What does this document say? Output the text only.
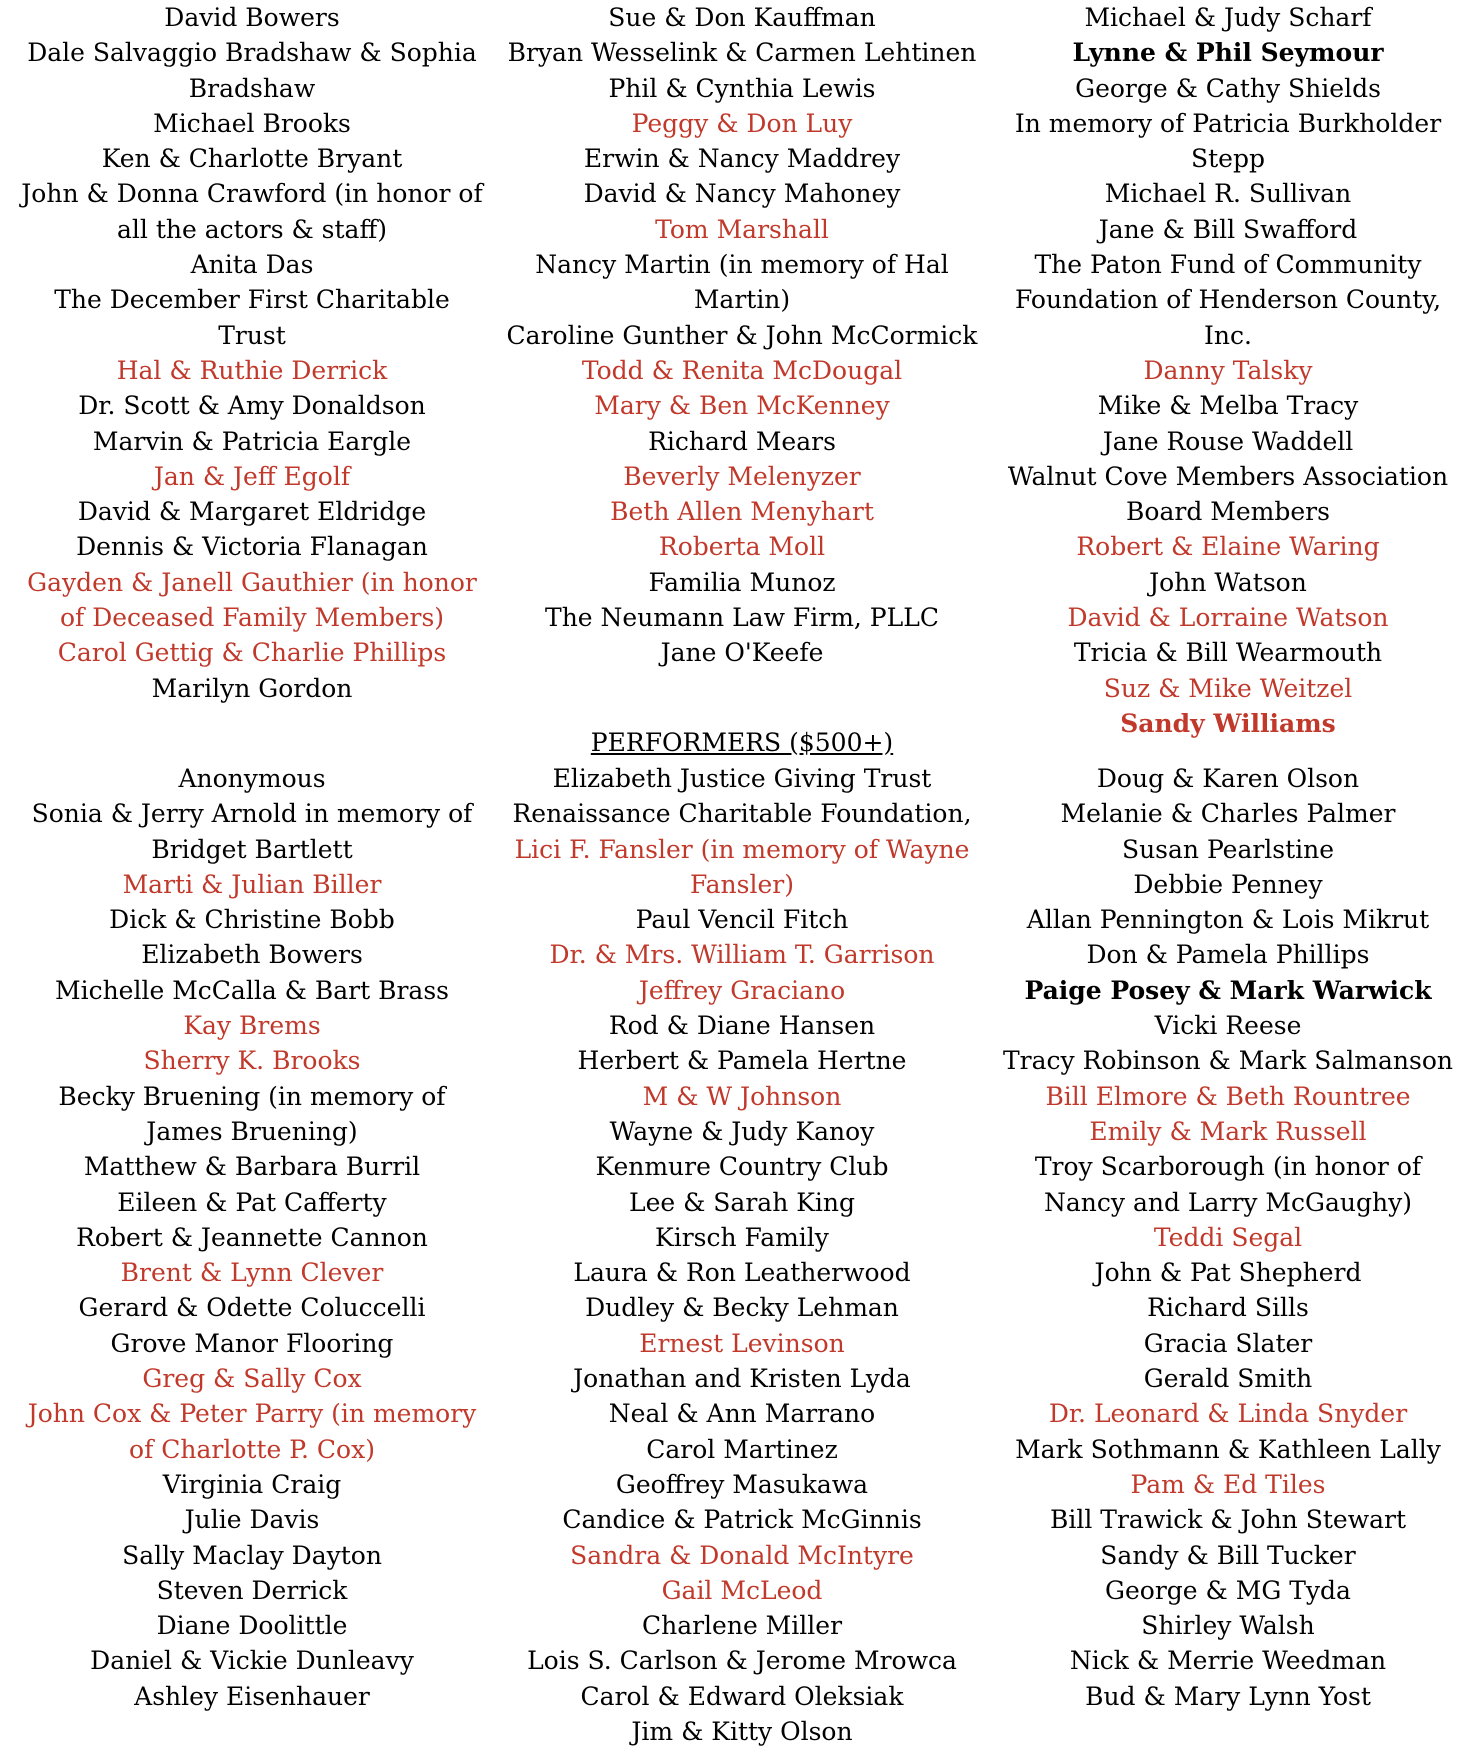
David Bowers
Dale Salvaggio Bradshaw & Sophia Bradshaw
Michael Brooks
Ken & Charlotte Bryant
John & Donna Crawford (in honor of all the actors & staff)
Anita Das
The December First Charitable Trust
Hal & Ruthie Derrick
Dr. Scott & Amy Donaldson
Marvin & Patricia Eargle
Jan & Jeff Egolf
David & Margaret Eldridge
Dennis & Victoria Flanagan
Gayden & Janell Gauthier (in honor of Deceased Family Members)
Carol Gettig & Charlie Phillips
Marilyn Gordon
Sue & Don Kauffman
Bryan Wesselink & Carmen Lehtinen
Phil & Cynthia Lewis
Peggy & Don Luy
Erwin & Nancy Maddrey
David & Nancy Mahoney
Tom Marshall
Nancy Martin (in memory of Hal Martin)
Caroline Gunther & John McCormick
Todd & Renita McDougal
Mary & Ben McKenney
Richard Mears
Beverly Melenyzer
Beth Allen Menyhart
Roberta Moll
Familia Munoz
The Neumann Law Firm, PLLC
Jane O'Keefe
Michael & Judy Scharf
Lynne & Phil Seymour
George & Cathy Shields
In memory of Patricia Burkholder Stepp
Michael R. Sullivan
Jane & Bill Swafford
The Paton Fund of Community Foundation of Henderson County, Inc.
Danny Talsky
Mike & Melba Tracy
Jane Rouse Waddell
Walnut Cove Members Association Board Members
Robert & Elaine Waring
John Watson
David & Lorraine Watson
Tricia & Bill Wearmouth
Suz & Mike Weitzel
Sandy Williams
PERFORMERS ($500+)
Anonymous
Sonia & Jerry Arnold in memory of Bridget Bartlett
Marti & Julian Biller
Dick & Christine Bobb
Elizabeth Bowers
Michelle McCalla & Bart Brass
Kay Brems
Sherry K. Brooks
Becky Bruening (in memory of James Bruening)
Matthew & Barbara Burril
Eileen & Pat Cafferty
Robert & Jeannette Cannon
Brent & Lynn Clever
Gerard & Odette Coluccelli
Grove Manor Flooring
Greg & Sally Cox
John Cox & Peter Parry (in memory of Charlotte P. Cox)
Virginia Craig
Julie Davis
Sally Maclay Dayton
Steven Derrick
Diane Doolittle
Daniel & Vickie Dunleavy
Ashley Eisenhauer
Elizabeth Justice Giving Trust
Renaissance Charitable Foundation,
Lici F. Fansler (in memory of Wayne Fansler)
Paul Vencil Fitch
Dr. & Mrs. William T. Garrison
Jeffrey Graciano
Rod & Diane Hansen
Herbert & Pamela Hertne
M & W Johnson
Wayne & Judy Kanoy
Kenmure Country Club
Lee & Sarah King
Kirsch Family
Laura & Ron Leatherwood
Dudley & Becky Lehman
Ernest Levinson
Jonathan and Kristen Lyda
Neal & Ann Marrano
Carol Martinez
Geoffrey Masukawa
Candice & Patrick McGinnis
Sandra & Donald McIntyre
Gail McLeod
Charlene Miller
Lois S. Carlson & Jerome Mrowca
Carol & Edward Oleksiak
Jim & Kitty Olson
Doug & Karen Olson
Melanie & Charles Palmer
Susan Pearlstine
Debbie Penney
Allan Pennington & Lois Mikrut
Don & Pamela Phillips
Paige Posey & Mark Warwick
Vicki Reese
Tracy Robinson & Mark Salmanson
Bill Elmore & Beth Rountree
Emily & Mark Russell
Troy Scarborough (in honor of Nancy and Larry McGaughy)
Teddi Segal
John & Pat Shepherd
Richard Sills
Gracia Slater
Gerald Smith
Dr. Leonard & Linda Snyder
Mark Sothmann & Kathleen Lally
Pam & Ed Tiles
Bill Trawick & John Stewart
Sandy & Bill Tucker
George & MG Tyda
Shirley Walsh
Nick & Merrie Weedman
Bud & Mary Lynn Yost
